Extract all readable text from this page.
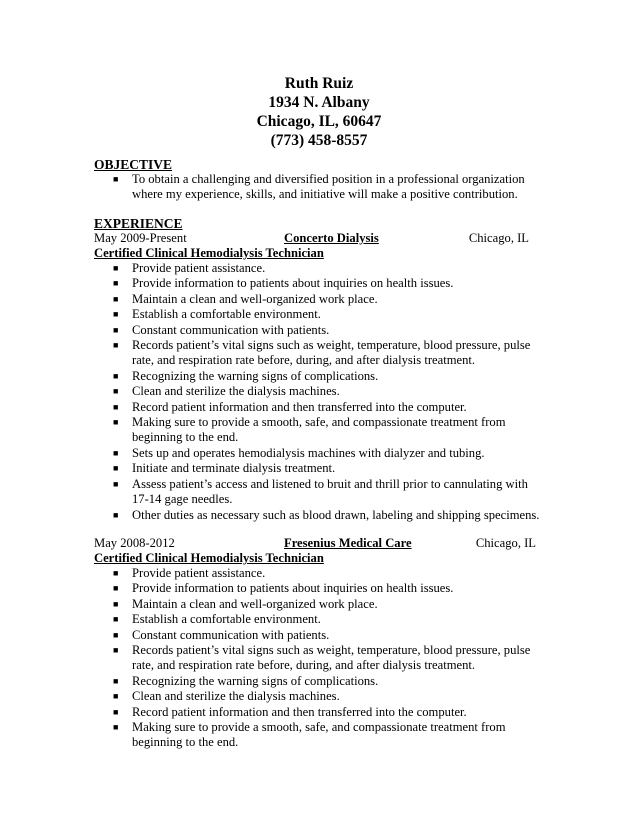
Ruth Ruiz
1934 N. Albany
Chicago, IL, 60647
(773) 458-8557
OBJECTIVE
■ To obtain a challenging and diversified position in a professional organization where my experience, skills, and initiative will make a positive contribution.
EXPERIENCE
May 2009-Present	Concerto Dialysis	Chicago, IL
Certified Clinical Hemodialysis Technician
■ Provide patient assistance.
■ Provide information to patients about inquiries on health issues.
■ Maintain a clean and well-organized work place.
■ Establish a comfortable environment.
■ Constant communication with patients.
■ Records patient’s vital signs such as weight, temperature, blood pressure, pulse rate, and respiration rate before, during, and after dialysis treatment.
■ Recognizing the warning signs of complications.
■ Clean and sterilize the dialysis machines.
■ Record patient information and then transferred into the computer.
■ Making sure to provide a smooth, safe, and compassionate treatment from beginning to the end.
■ Sets up and operates hemodialysis machines with dialyzer and tubing.
■ Initiate and terminate dialysis treatment.
■ Assess patient’s access and listened to bruit and thrill prior to cannulating with 17-14 gage needles.
■ Other duties as necessary such as blood drawn, labeling and shipping specimens.
May 2008-2012	Fresenius Medical Care	Chicago, IL
Certified Clinical Hemodialysis Technician
■ Provide patient assistance.
■ Provide information to patients about inquiries on health issues.
■ Maintain a clean and well-organized work place.
■ Establish a comfortable environment.
■ Constant communication with patients.
■ Records patient’s vital signs such as weight, temperature, blood pressure, pulse rate, and respiration rate before, during, and after dialysis treatment.
■ Recognizing the warning signs of complications.
■ Clean and sterilize the dialysis machines.
■ Record patient information and then transferred into the computer.
■ Making sure to provide a smooth, safe, and compassionate treatment from beginning to the end.
